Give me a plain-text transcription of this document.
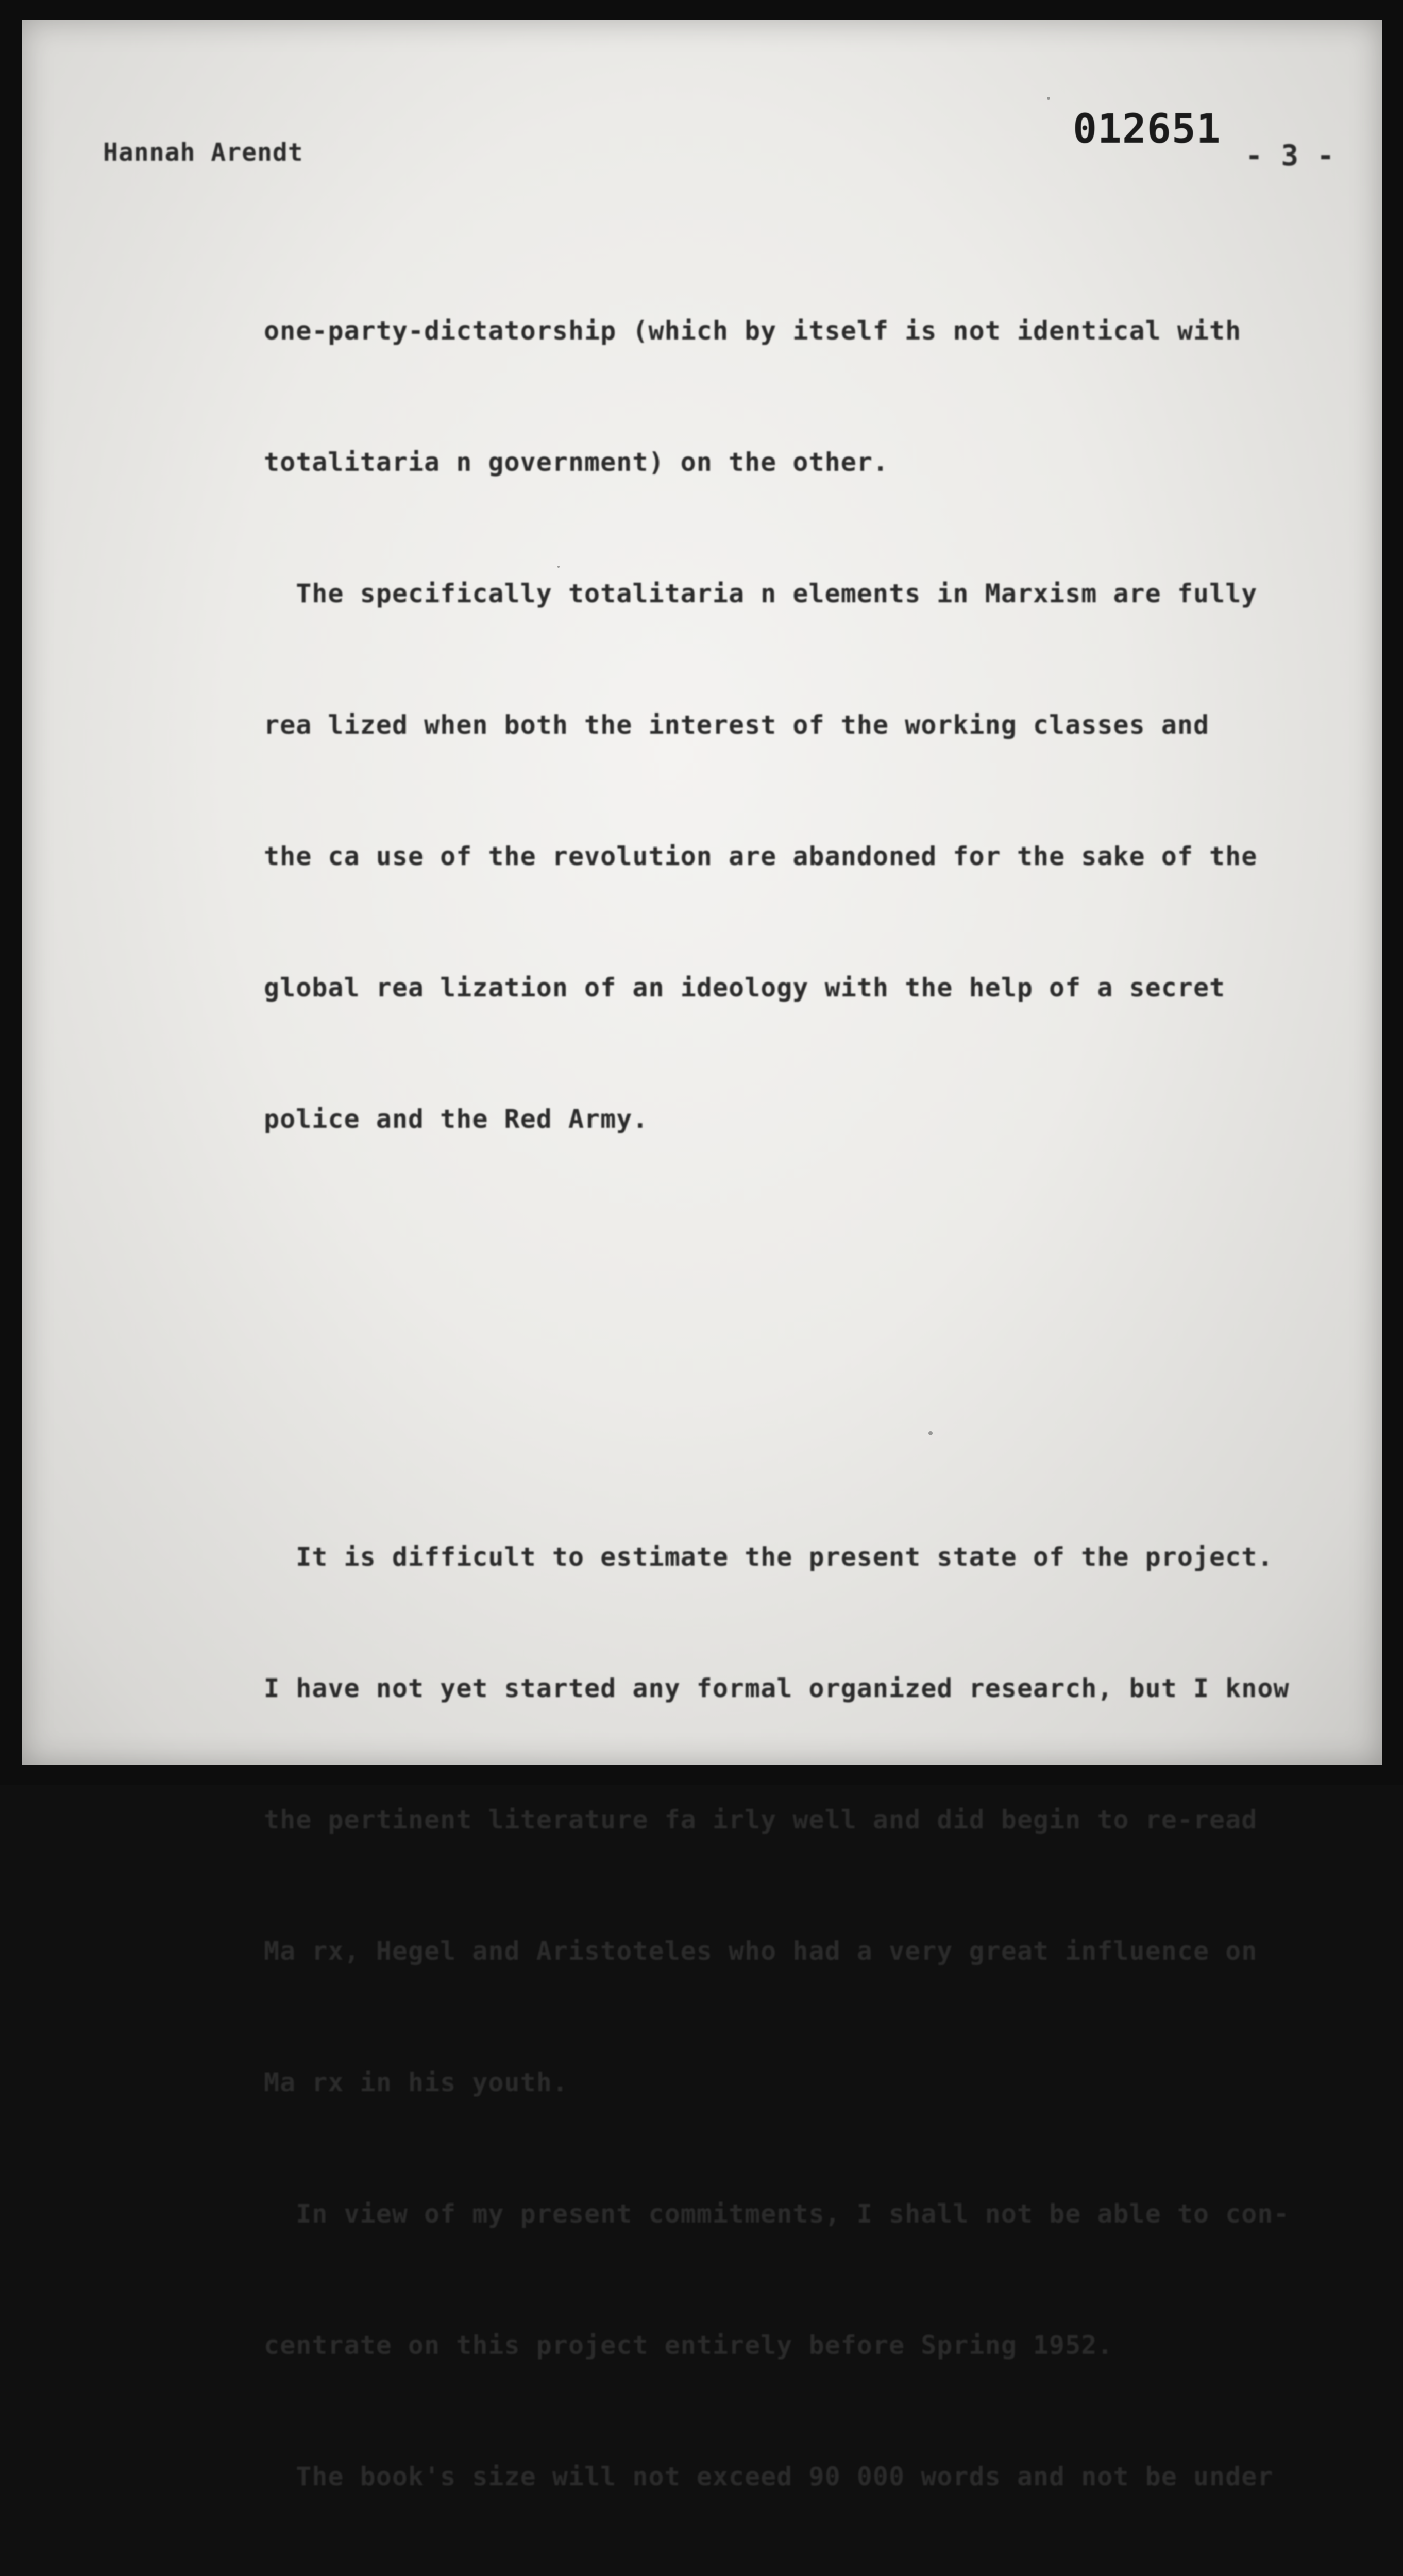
Hannah Arendt	012651

- 3 -

one-party-dictatorship (which by itself is not identical with

totalitaria n government) on the other.

The specifically totalitaria n elements in Marxism are fully

rea lized when both the interest of the working classes and

the ca use of the revolution are abandoned for the sake of the

global rea lization of an ideology with the help of a secret

police and the Red Army.

It is difficult to estimate the present state of the project.

I have not yet started any formal organized research, but I know

the pertinent literature fa irly well and did begin to re-read

Ma rx, Hegel and Aristoteles who had a very great influence on

Ma rx in his youth.

In view of my present commitments, I shall not be able to con-

centrate on this project entirely before Spring 1952.

The book's size will not exceed 90 000 words and not be under
